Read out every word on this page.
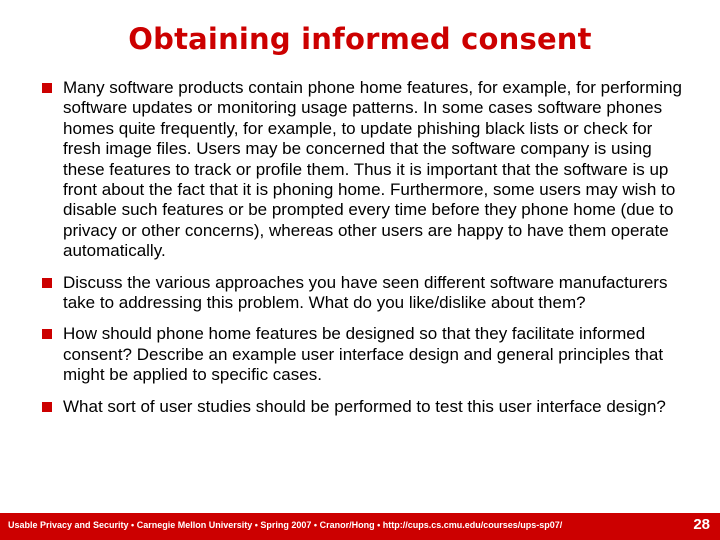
Obtaining informed consent
Many software products contain phone home features, for example, for performing software updates or monitoring usage patterns. In some cases software phones homes quite frequently, for example, to update phishing black lists or check for fresh image files. Users may be concerned that the software company is using these features to track or profile them. Thus it is important that the software is up front about the fact that it is phoning home. Furthermore, some users may wish to disable such features or be prompted every time before they phone home (due to privacy or other concerns), whereas other users are happy to have them operate automatically.
Discuss the various approaches you have seen different software manufacturers take to addressing this problem. What do you like/dislike about them?
How should phone home features be designed so that they facilitate informed consent? Describe an example user interface design and general principles that might be applied to specific cases.
What sort of user studies should be performed to test this user interface design?
Usable Privacy and Security • Carnegie Mellon University • Spring 2007 • Cranor/Hong • http://cups.cs.cmu.edu/courses/ups-sp07/	28
